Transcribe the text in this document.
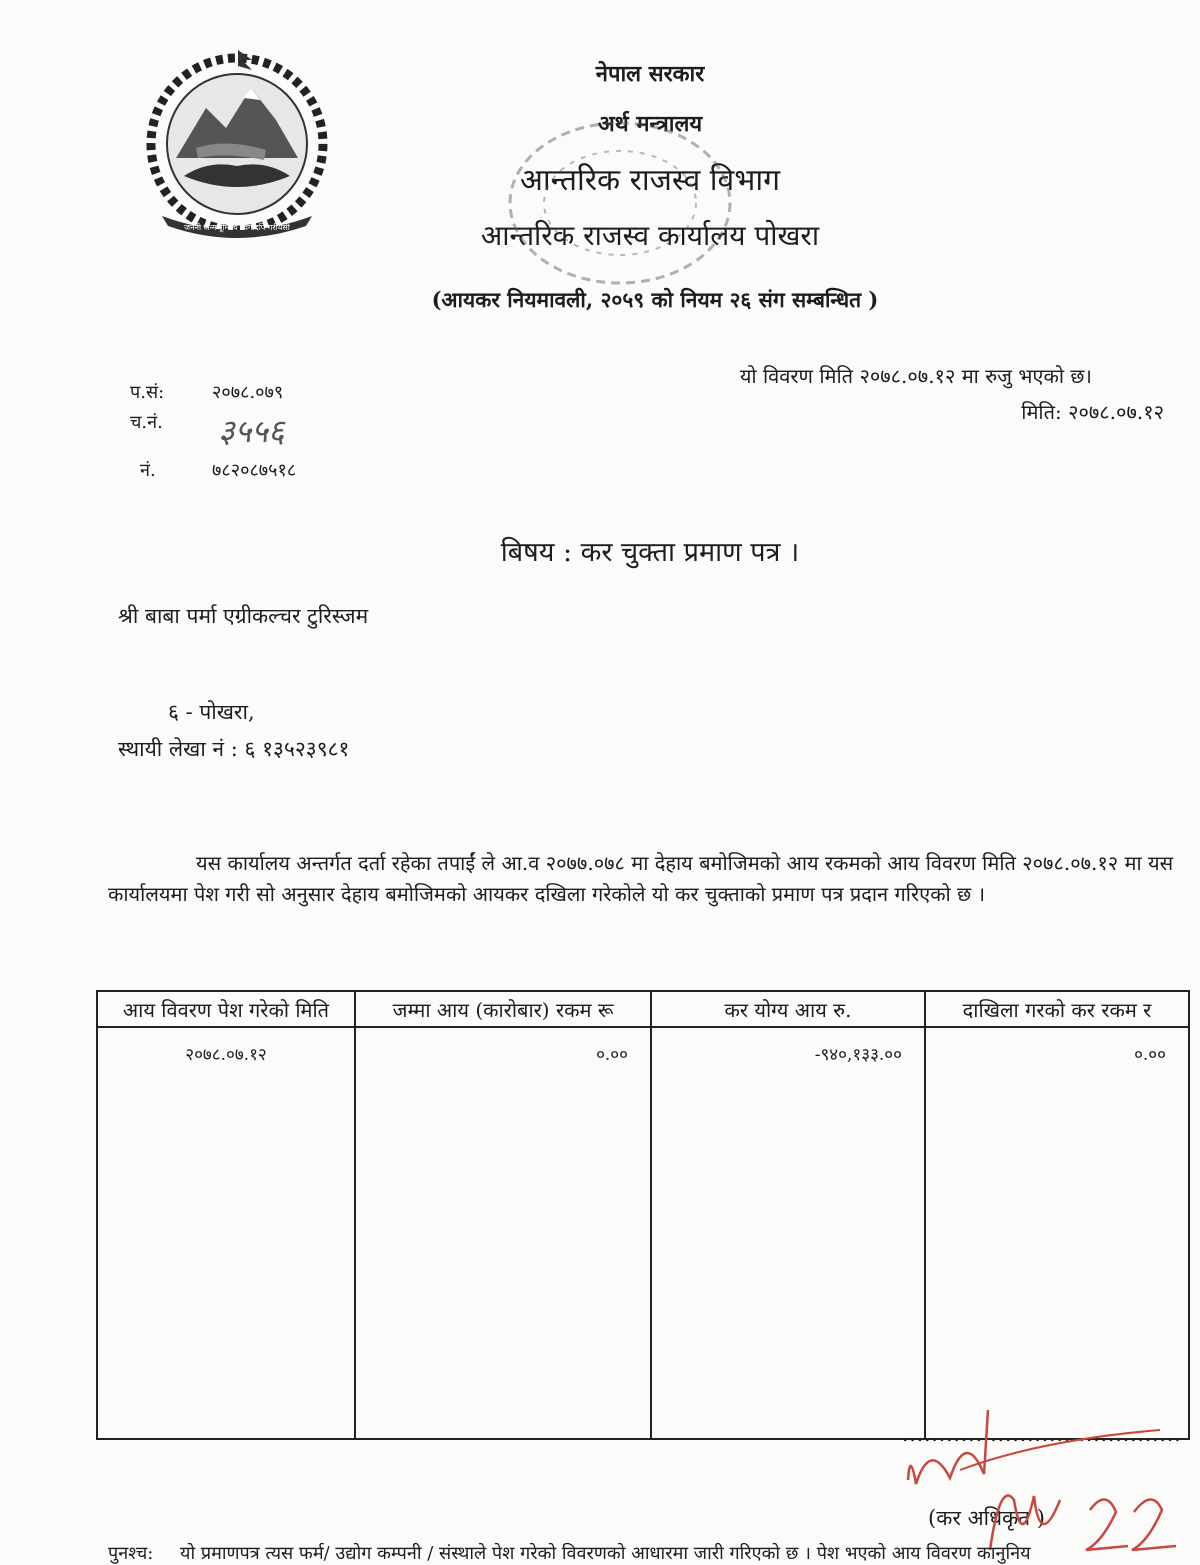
जननी जन्मभूमिश्च स्वर्गादपि गरीयसी
नेपाल सरकार
अर्थ मन्त्रालय
आन्तरिक राजस्व विभाग
आन्तरिक राजस्व कार्यालय पोखरा
(आयकर नियमावली, २०५९ को नियम २६ संग सम्बन्धित )
प.सं:	२०७८.०७९
च.नं. ३५५६
नं.	७८२०८७५१८
यो विवरण मिति २०७८.०७.१२ मा रुजु भएको छ।
मिति: २०७८.०७.१२
बिषय : कर चुक्ता प्रमाण पत्र ।
श्री बाबा पर्मा एग्रीकल्चर टुरिस्जम
६ - पोखरा,
स्थायी लेखा नं : ६ १३५२३९८१
यस कार्यालय अन्तर्गत दर्ता रहेका तपाईं ले आ.व २०७७.०७८ मा देहाय बमोजिमको आय रकमको आय विवरण मिति २०७८.०७.१२ मा यस कार्यालयमा पेश गरी सो अनुसार देहाय बमोजिमको आयकर दखिला गरेकोले यो कर चुक्ताको प्रमाण पत्र प्रदान गरिएको छ ।
आय विवरण पेश गरेको मिति	जम्मा आय (कारोबार) रकम रू	कर योग्य आय रु.	दाखिला गरको कर रकम र
२०७८.०७.१२	०.००	-९४०,१३३.००	०.००
......................................
(कर अधिकृत )
पुनश्च: यो प्रमाणपत्र त्यस फर्म/ उद्योग कम्पनी / संस्थाले पेश गरेको विवरणको आधारमा जारी गरिएको छ । पेश भएको आय विवरण कानुनिय
